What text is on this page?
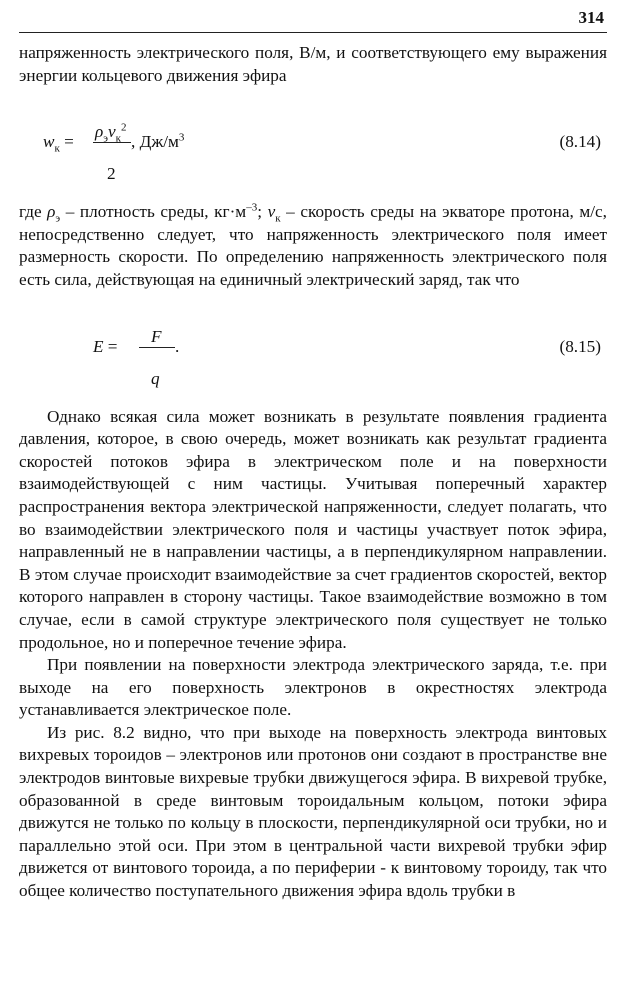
314

напряженность электрического поля, В/м, и соответствующего ему выражения энергии кольцевого движения эфира

$w_к$ =
$\rho_эv_к^2$
2
, $Дж/м^3$	(8.14)

где $\rho_э$ – плотность среды, $кг\cdot м^{-3}$; $v_к$ – скорость среды на экваторе протона, м/с, непосредственно следует, что напряженность электрического поля имеет размерность скорости. По определению напряженность электрического поля есть сила, действующая на единичный электрический заряд, так что

E =
F
q
.	(8.15)

Однако всякая сила может возникать в результате появления градиента давления, которое, в свою очередь, может возникать как результат градиента скоростей потоков эфира в электрическом поле и на поверхности взаимодействующей с ним частицы. Учитывая поперечный характер распространения вектора электрической напряженности, следует полагать, что во взаимодействии электрического поля и частицы участвует поток эфира, направленный не в направлении частицы, а в перпендикулярном направлении. В этом случае происходит взаимодействие за счет градиентов скоростей, вектор которого направлен в сторону частицы. Такое взаимодействие возможно в том случае, если в самой структуре электрического поля существует не только продольное, но и поперечное течение эфира.

При появлении на поверхности электрода электрического заряда, т.е. при выходе на его поверхность электронов в окрестностях электрода устанавливается электрическое поле.

Из рис. 8.2 видно, что при выходе на поверхность электрода винтовых вихревых тороидов – электронов или протонов они создают в пространстве вне электродов винтовые вихревые трубки движущегося эфира. В вихревой трубке, образованной в среде винтовым тороидальным кольцом, потоки эфира движутся не только по кольцу в плоскости, перпендикулярной оси трубки, но и параллельно этой оси. При этом в центральной части вихревой трубки эфир движется от винтового тороида, а по периферии - к винтовому тороиду, так что общее количество поступательного движения эфира вдоль трубки в
